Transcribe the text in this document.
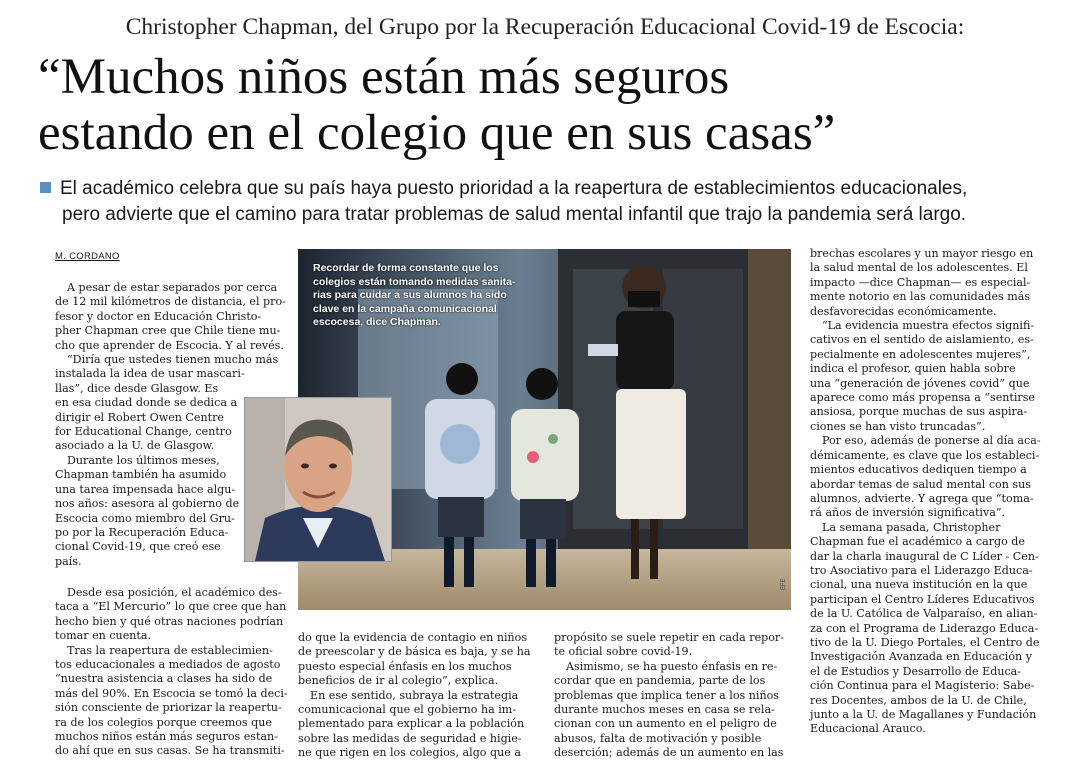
Christopher Chapman, del Grupo por la Recuperación Educacional Covid-19 de Escocia:
“Muchos niños están más seguros
estando en el colegio que en sus casas”
El académico celebra que su país haya puesto prioridad a la reapertura de establecimientos educacionales,
pero advierte que el camino para tratar problemas de salud mental infantil que trajo la pandemia será largo.
M. CORDANO
Recordar de forma constante que los
colegios están tomando medidas sanita-
rias para cuidar a sus alumnos ha sido
clave en la campaña comunicacional
escocesa, dice Chapman.
EFE

A pesar de estar separados por cerca
de 12 mil kilómetros de distancia, el pro-
fesor y doctor en Educación Christo-
pher Chapman cree que Chile tiene mu-
cho que aprender de Escocia. Y al revés.

“Diría que ustedes tienen mucho más
instalada la idea de usar mascari-
llas”, dice desde Glasgow. Es
en esa ciudad donde se dedica a
dirigir el Robert Owen Centre
for Educational Change, centro
asociado a la U. de Glasgow.

Durante los últimos meses,
Chapman también ha asumido
una tarea impensada hace algu-
nos años: asesora al gobierno de
Escocia como miembro del Gru-
po por la Recuperación Educa-
cional Covid-19, que creó ese
país.

Desde esa posición, el académico des-
taca a “El Mercurio” lo que cree que han
hecho bien y qué otras naciones podrían
tomar en cuenta.

Tras la reapertura de establecimien-
tos educacionales a mediados de agosto
“nuestra asistencia a clases ha sido de
más del 90%. En Escocia se tomó la deci-
sión consciente de priorizar la reapertu-
ra de los colegios porque creemos que
muchos niños están más seguros estan-
do ahí que en sus casas. Se ha transmiti-

do que la evidencia de contagio en niños
de preescolar y de básica es baja, y se ha
puesto especial énfasis en los muchos
beneficios de ir al colegio”, explica.

En ese sentido, subraya la estrategia
comunicacional que el gobierno ha im-
plementado para explicar a la población
sobre las medidas de seguridad e higie-
ne que rigen en los colegios, algo que a

propósito se suele repetir en cada repor-
te oficial sobre covid-19.

Asimismo, se ha puesto énfasis en re-
cordar que en pandemia, parte de los
problemas que implica tener a los niños
durante muchos meses en casa se rela-
cionan con un aumento en el peligro de
abusos, falta de motivación y posible
deserción; además de un aumento en las

brechas escolares y un mayor riesgo en
la salud mental de los adolescentes. El
impacto —dice Chapman— es especial-
mente notorio en las comunidades más
desfavorecidas económicamente.

“La evidencia muestra efectos signifi-
cativos en el sentido de aislamiento, es-
pecialmente en adolescentes mujeres”,
indica el profesor, quien habla sobre
una “generación de jóvenes covid” que
aparece como más propensa a “sentirse
ansiosa, porque muchas de sus aspira-
ciones se han visto truncadas”.

Por eso, además de ponerse al día aca-
démicamente, es clave que los estableci-
mientos educativos dediquen tiempo a
abordar temas de salud mental con sus
alumnos, advierte. Y agrega que “toma-
rá años de inversión significativa”.

La semana pasada, Christopher
Chapman fue el académico a cargo de
dar la charla inaugural de C Líder - Cen-
tro Asociativo para el Liderazgo Educa-
cional, una nueva institución en la que
participan el Centro Líderes Educativos
de la U. Católica de Valparaíso, en alian-
za con el Programa de Liderazgo Educa-
tivo de la U. Diego Portales, el Centro de
Investigación Avanzada en Educación y
el de Estudios y Desarrollo de Educa-
ción Continua para el Magisterio: Sabe-
res Docentes, ambos de la U. de Chile,
junto a la U. de Magallanes y Fundación
Educacional Arauco.
